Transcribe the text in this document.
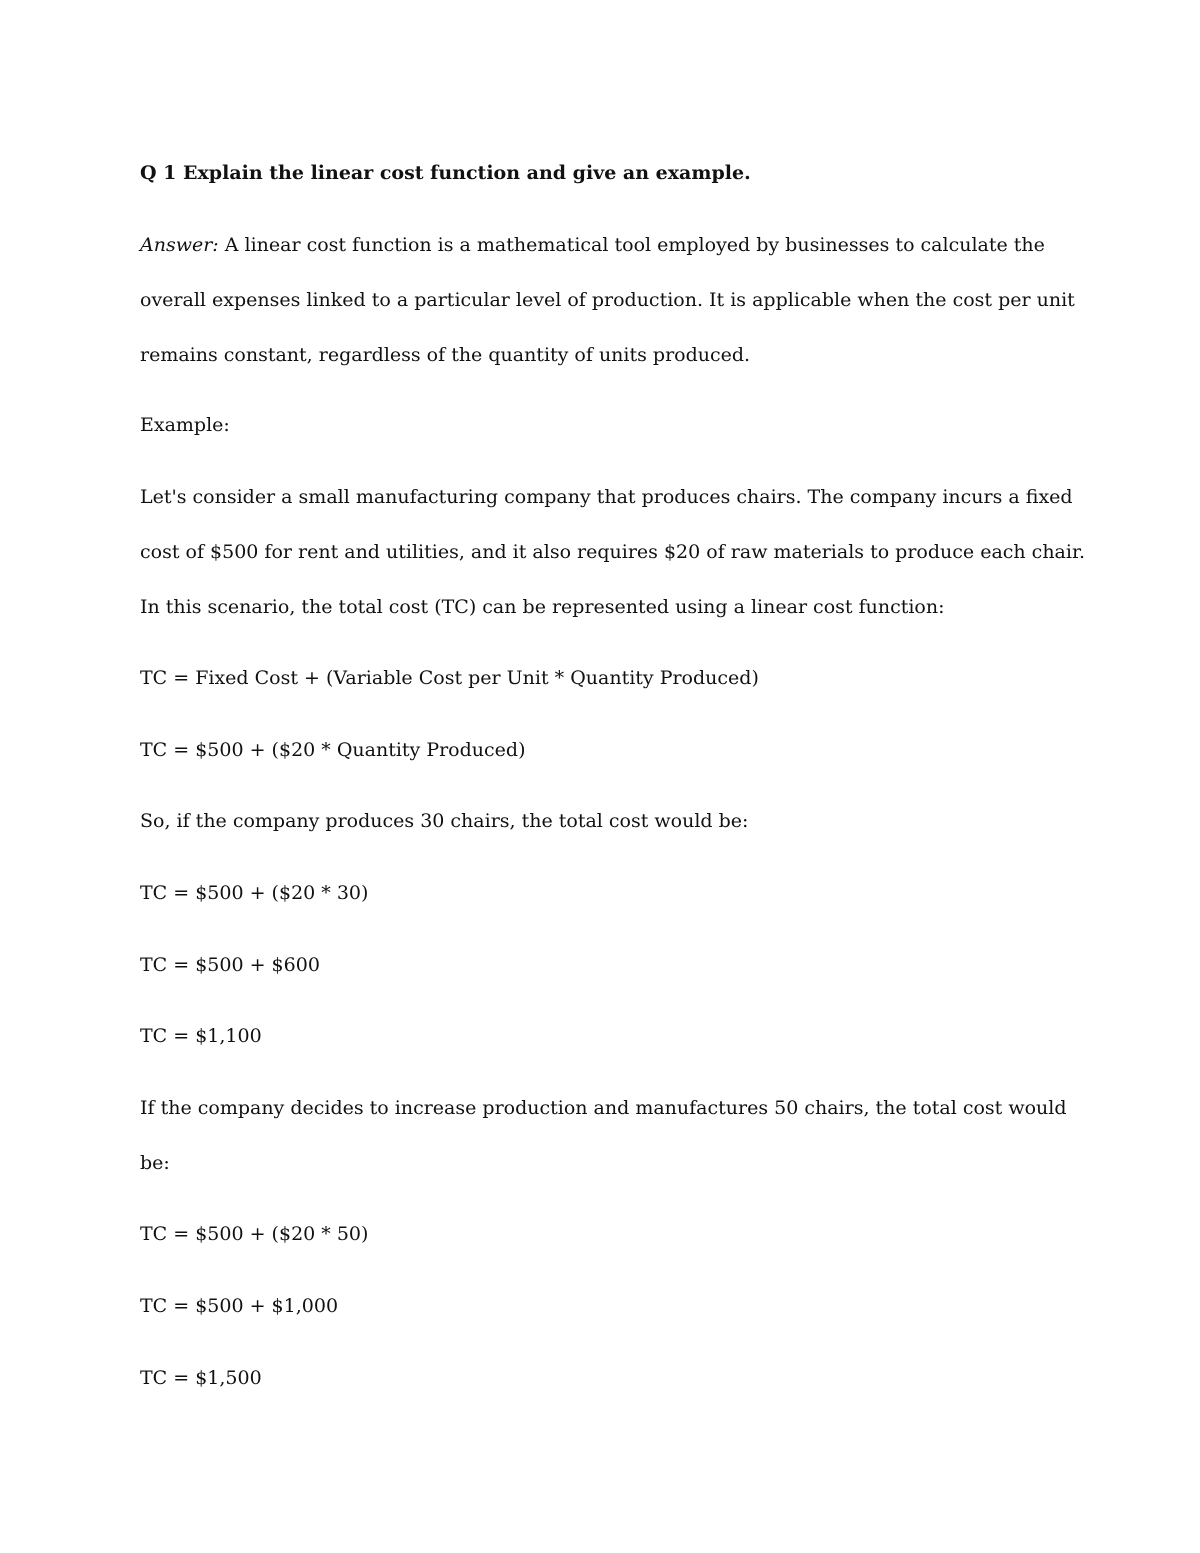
Q 1 Explain the linear cost function and give an example.
Answer: A linear cost function is a mathematical tool employed by businesses to calculate the
overall expenses linked to a particular level of production. It is applicable when the cost per unit
remains constant, regardless of the quantity of units produced.
Example:
Let's consider a small manufacturing company that produces chairs. The company incurs a fixed
cost of $500 for rent and utilities, and it also requires $20 of raw materials to produce each chair.
In this scenario, the total cost (TC) can be represented using a linear cost function:
TC = Fixed Cost + (Variable Cost per Unit * Quantity Produced)
TC = $500 + ($20 * Quantity Produced)
So, if the company produces 30 chairs, the total cost would be:
TC = $500 + ($20 * 30)
TC = $500 + $600
TC = $1,100
If the company decides to increase production and manufactures 50 chairs, the total cost would
be:
TC = $500 + ($20 * 50)
TC = $500 + $1,000
TC = $1,500
